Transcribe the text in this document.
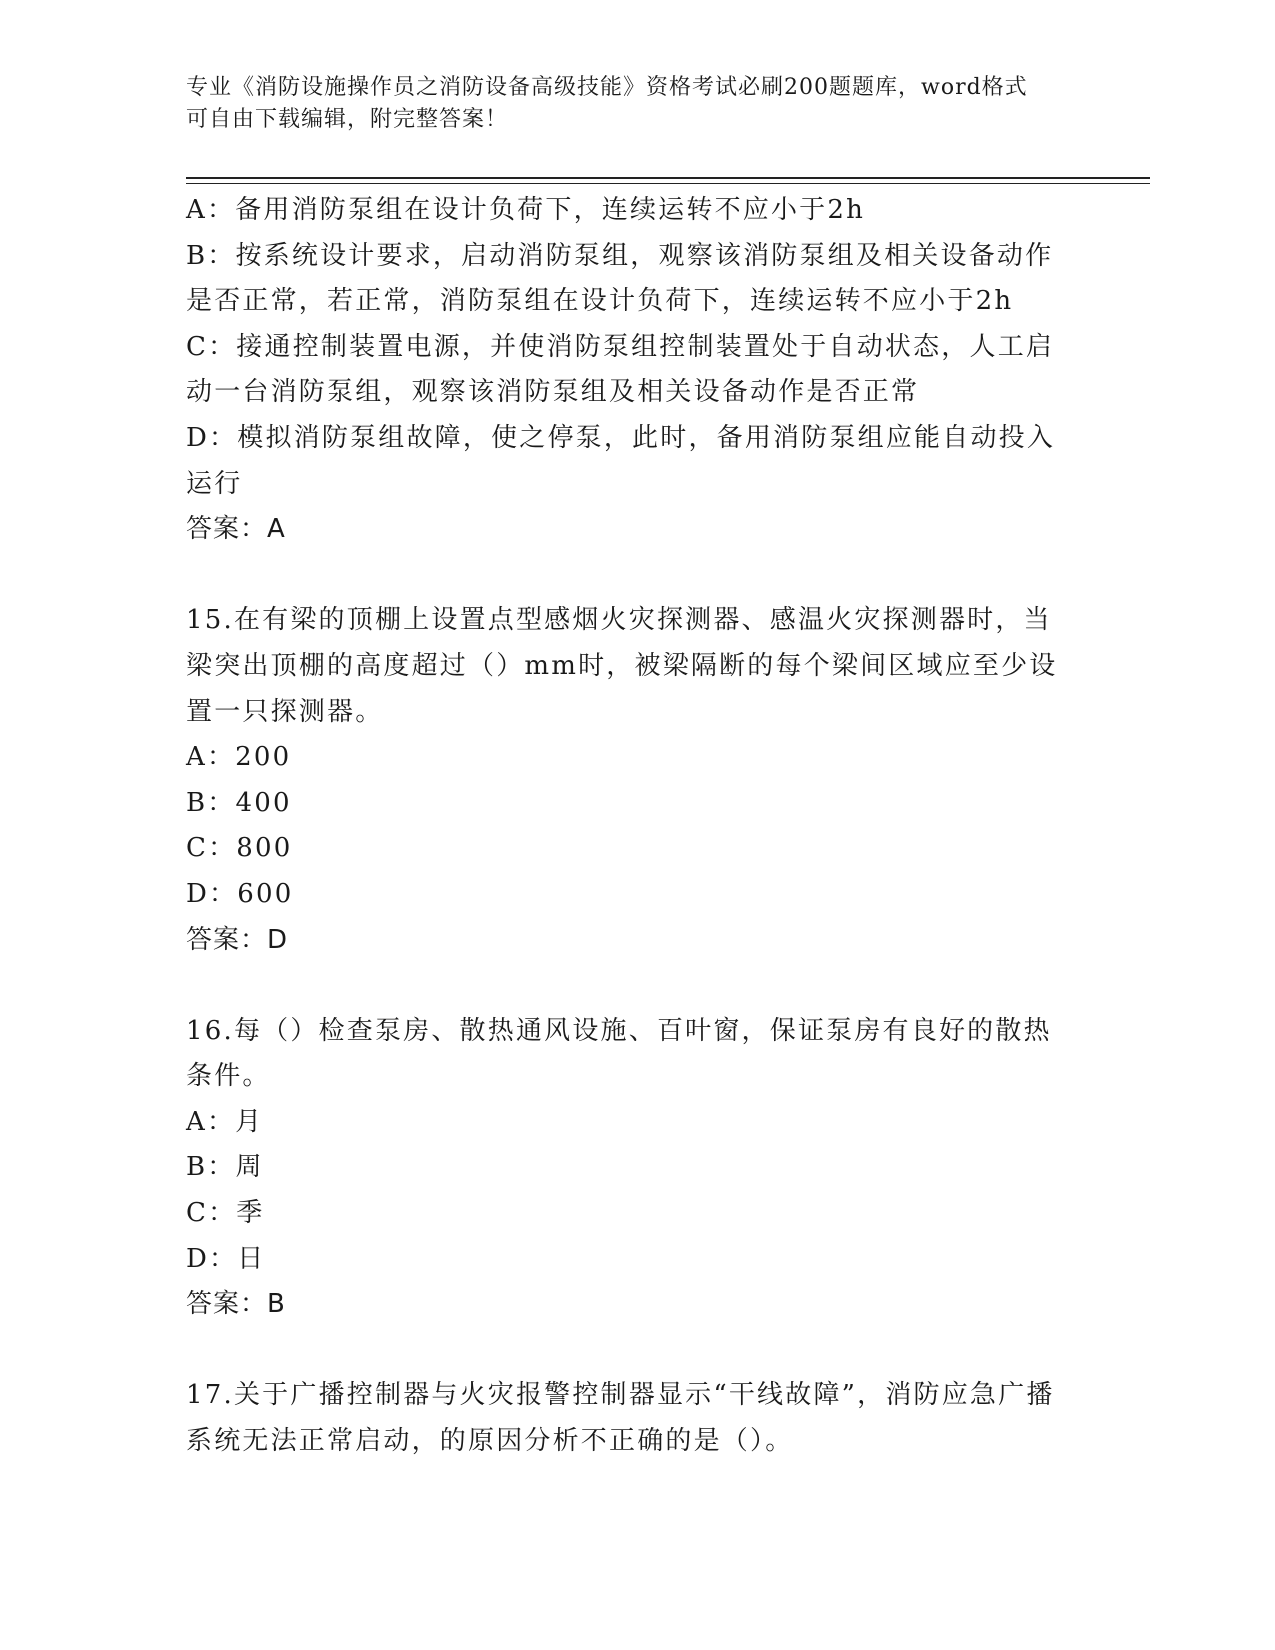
专业《消防设施操作员之消防设备高级技能》资格考试必刷200题题库，word格式可自由下载编辑，附完整答案！
A：备用消防泵组在设计负荷下，连续运转不应小于2h
B：按系统设计要求，启动消防泵组，观察该消防泵组及相关设备动作是否正常，若正常，消防泵组在设计负荷下，连续运转不应小于2h
C：接通控制装置电源，并使消防泵组控制装置处于自动状态，人工启动一台消防泵组，观察该消防泵组及相关设备动作是否正常
D：模拟消防泵组故障，使之停泵，此时，备用消防泵组应能自动投入运行
答案：A
15.在有梁的顶棚上设置点型感烟火灾探测器、感温火灾探测器时，当梁突出顶棚的高度超过（）mm时，被梁隔断的每个梁间区域应至少设置一只探测器。
A：200
B：400
C：800
D：600
答案：D
16.每（）检查泵房、散热通风设施、百叶窗，保证泵房有良好的散热条件。
A：月
B：周
C：季
D：日
答案：B
17.关于广播控制器与火灾报警控制器显示“干线故障”，消防应急广播系统无法正常启动，的原因分析不正确的是（）。
